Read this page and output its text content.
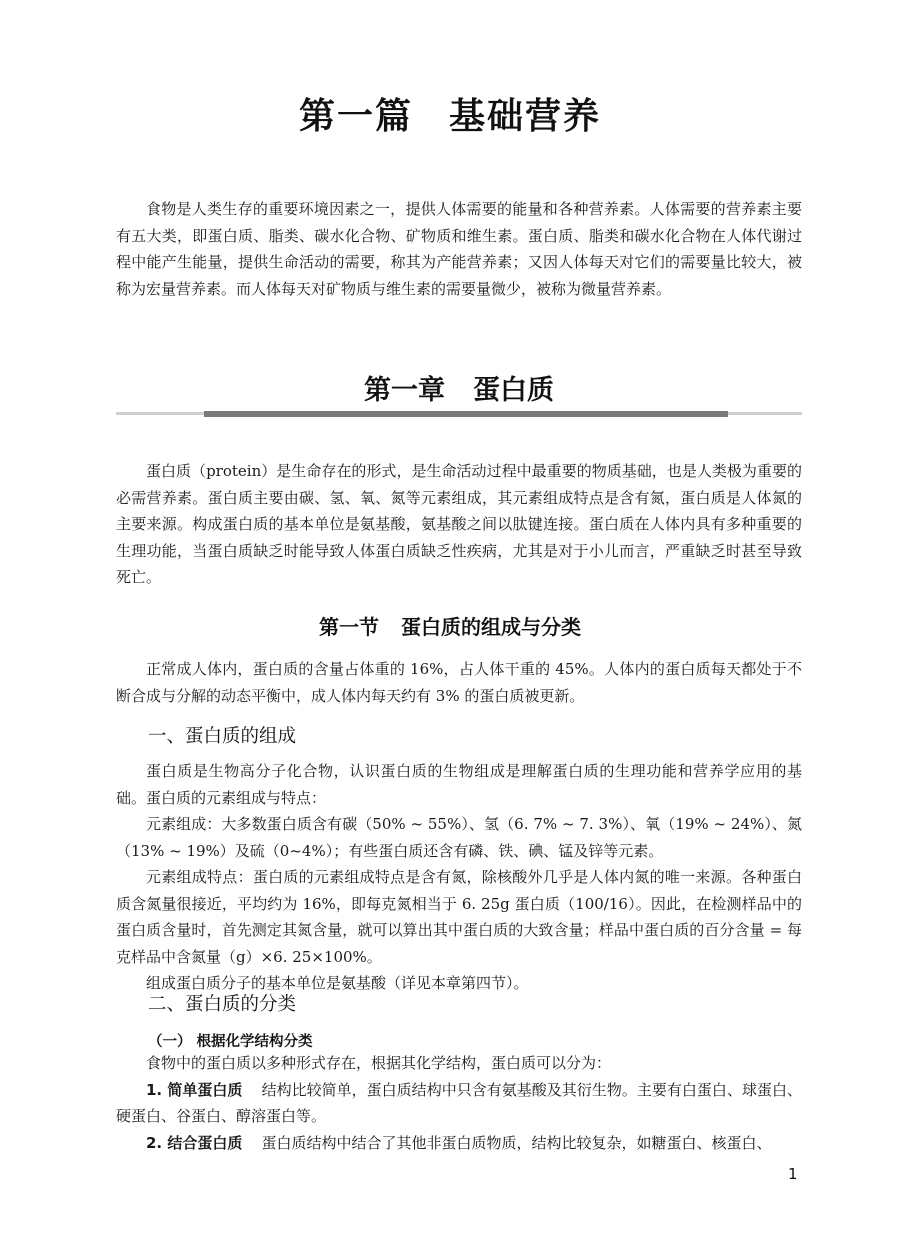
第一篇 基础营养

食物是人类生存的重要环境因素之一，提供人体需要的能量和各种营养素。人体需要的营养素主要有五大类，即蛋白质、脂类、碳水化合物、矿物质和维生素。蛋白质、脂类和碳水化合物在人体代谢过程中能产生能量，提供生命活动的需要，称其为产能营养素；又因人体每天对它们的需要量比较大，被称为宏量营养素。而人体每天对矿物质与维生素的需要量微少，被称为微量营养素。

第一章 蛋白质

蛋白质（protein）是生命存在的形式，是生命活动过程中最重要的物质基础，也是人类极为重要的必需营养素。蛋白质主要由碳、氢、氧、氮等元素组成，其元素组成特点是含有氮，蛋白质是人体氮的主要来源。构成蛋白质的基本单位是氨基酸，氨基酸之间以肽键连接。蛋白质在人体内具有多种重要的生理功能，当蛋白质缺乏时能导致人体蛋白质缺乏性疾病，尤其是对于小儿而言，严重缺乏时甚至导致死亡。

第一节 蛋白质的组成与分类

正常成人体内，蛋白质的含量占体重的 16%，占人体干重的 45%。人体内的蛋白质每天都处于不断合成与分解的动态平衡中，成人体内每天约有 3% 的蛋白质被更新。

一、蛋白质的组成

蛋白质是生物高分子化合物，认识蛋白质的生物组成是理解蛋白质的生理功能和营养学应用的基础。蛋白质的元素组成与特点：

元素组成：大多数蛋白质含有碳（50% ~ 55%）、氢（6. 7% ~ 7. 3%）、氧（19% ~ 24%）、氮（13% ~ 19%）及硫（0~4%）；有些蛋白质还含有磷、铁、碘、锰及锌等元素。

元素组成特点：蛋白质的元素组成特点是含有氮，除核酸外几乎是人体内氮的唯一来源。各种蛋白质含氮量很接近，平均约为 16%，即每克氮相当于 6. 25g 蛋白质（100/16）。因此，在检测样品中的蛋白质含量时，首先测定其氮含量，就可以算出其中蛋白质的大致含量；样品中蛋白质的百分含量 = 每克样品中含氮量（g）×6. 25×100%。

组成蛋白质分子的基本单位是氨基酸（详见本章第四节）。

二、蛋白质的分类
（一） 根据化学结构分类

食物中的蛋白质以多种形式存在，根据其化学结构，蛋白质可以分为：

1. 简单蛋白质 结构比较简单，蛋白质结构中只含有氨基酸及其衍生物。主要有白蛋白、球蛋白、硬蛋白、谷蛋白、醇溶蛋白等。

2. 结合蛋白质 蛋白质结构中结合了其他非蛋白质物质，结构比较复杂，如糖蛋白、核蛋白、

1
